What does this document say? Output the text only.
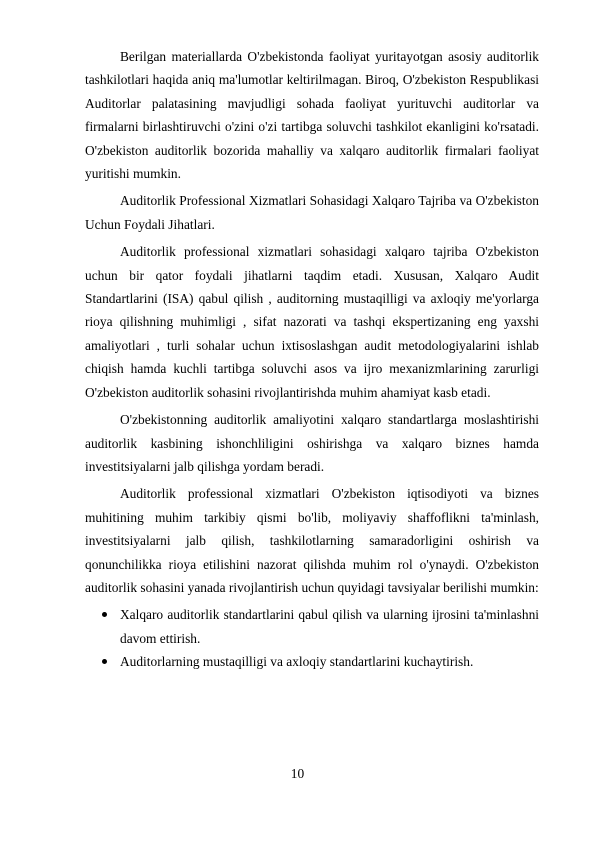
Berilgan materiallarda O'zbekistonda faoliyat yuritayotgan asosiy auditorlik tashkilotlari haqida aniq ma'lumotlar keltirilmagan. Biroq, O'zbekiston Respublikasi Auditorlar palatasining mavjudligi sohada faoliyat yurituvchi auditorlar va firmalarni birlashtiruvchi o'zini o'zi tartibga soluvchi tashkilot ekanligini ko'rsatadi. O'zbekiston auditorlik bozorida mahalliy va xalqaro auditorlik firmalari faoliyat yuritishi mumkin.

Auditorlik Professional Xizmatlari Sohasidagi Xalqaro Tajriba va O'zbekiston Uchun Foydali Jihatlari.

Auditorlik professional xizmatlari sohasidagi xalqaro tajriba O'zbekiston uchun bir qator foydali jihatlarni taqdim etadi. Xususan, Xalqaro Audit Standartlarini (ISA) qabul qilish , auditorning mustaqilligi va axloqiy me'yorlarga rioya qilishning muhimligi , sifat nazorati va tashqi ekspertizaning eng yaxshi amaliyotlari , turli sohalar uchun ixtisoslashgan audit metodologiyalarini ishlab chiqish hamda kuchli tartibga soluvchi asos va ijro mexanizmlarining zarurligi O'zbekiston auditorlik sohasini rivojlantirishda muhim ahamiyat kasb etadi.

O'zbekistonning auditorlik amaliyotini xalqaro standartlarga moslashtirishi auditorlik kasbining ishonchliligini oshirishga va xalqaro biznes hamda investitsiyalarni jalb qilishga yordam beradi.

Auditorlik professional xizmatlari O'zbekiston iqtisodiyoti va biznes muhitining muhim tarkibiy qismi bo'lib, moliyaviy shaffoflikni ta'minlash, investitsiyalarni jalb qilish, tashkilotlarning samaradorligini oshirish va qonunchilikka rioya etilishini nazorat qilishda muhim rol o'ynaydi. O'zbekiston auditorlik sohasini yanada rivojlantirish uchun quyidagi tavsiyalar berilishi mumkin:

Xalqaro auditorlik standartlarini qabul qilish va ularning ijrosini ta'minlashni davom ettirish.
Auditorlarning mustaqilligi va axloqiy standartlarini kuchaytirish.
10
